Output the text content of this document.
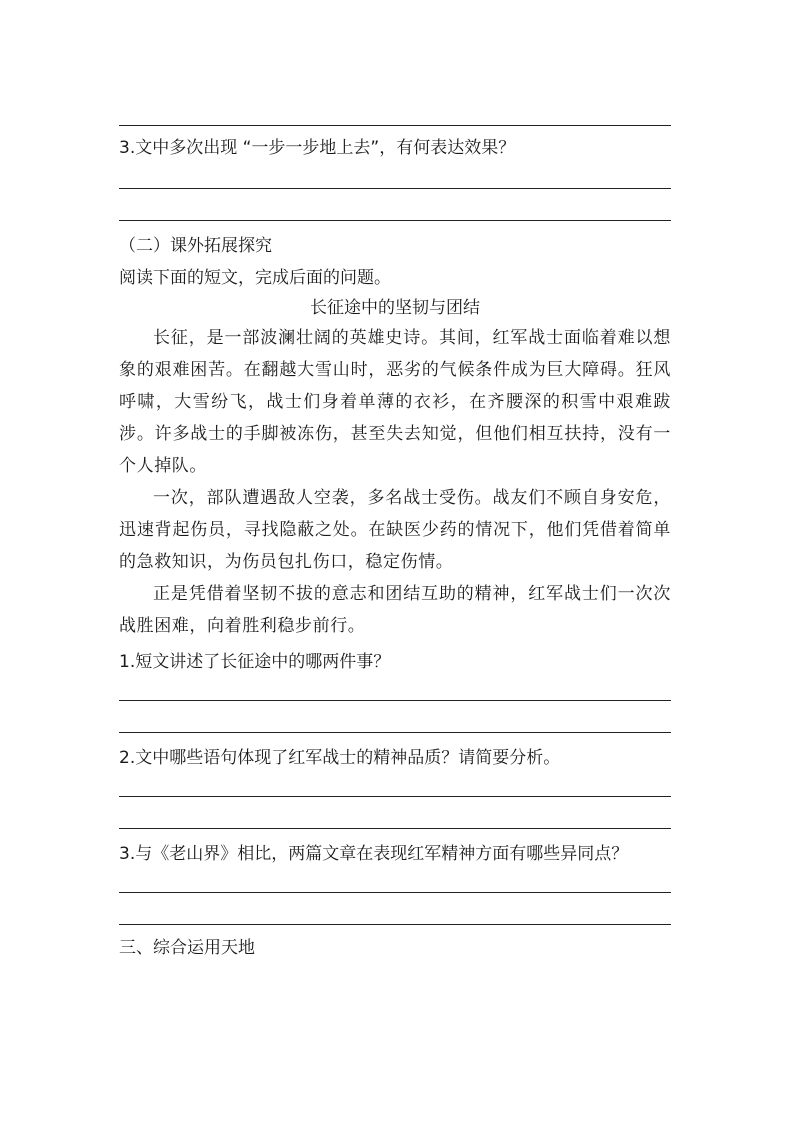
3.文中多次出现 “一步一步地上去”，有何表达效果？
（二）课外拓展探究
阅读下面的短文，完成后面的问题。
长征途中的坚韧与团结
长征，是一部波澜壮阔的英雄史诗。其间，红军战士面临着难以想象的艰难困苦。在翻越大雪山时，恶劣的气候条件成为巨大障碍。狂风呼啸，大雪纷飞，战士们身着单薄的衣衫，在齐腰深的积雪中艰难跋涉。许多战士的手脚被冻伤，甚至失去知觉，但他们相互扶持，没有一个人掉队。
一次，部队遭遇敌人空袭，多名战士受伤。战友们不顾自身安危，迅速背起伤员，寻找隐蔽之处。在缺医少药的情况下，他们凭借着简单的急救知识，为伤员包扎伤口，稳定伤情。
正是凭借着坚韧不拔的意志和团结互助的精神，红军战士们一次次战胜困难，向着胜利稳步前行。
1.短文讲述了长征途中的哪两件事？
2.文中哪些语句体现了红军战士的精神品质？请简要分析。
3.与《老山界》相比，两篇文章在表现红军精神方面有哪些异同点？
三、综合运用天地
